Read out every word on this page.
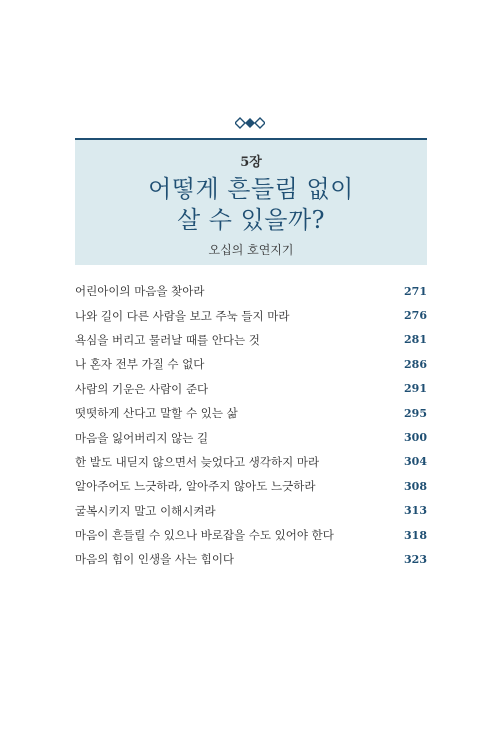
5장
어떻게 흔들림 없이
살 수 있을까?
오십의 호연지기
어린아이의 마음을 찾아라	271
나와 길이 다른 사람을 보고 주눅 들지 마라	276
욕심을 버리고 물러날 때를 안다는 것	281
나 혼자 전부 가질 수 없다	286
사람의 기운은 사람이 준다	291
떳떳하게 산다고 말할 수 있는 삶	295
마음을 잃어버리지 않는 길	300
한 발도 내딛지 않으면서 늦었다고 생각하지 마라	304
알아주어도 느긋하라, 알아주지 않아도 느긋하라	308
굴복시키지 말고 이해시켜라	313
마음이 흔들릴 수 있으나 바로잡을 수도 있어야 한다	318
마음의 힘이 인생을 사는 힘이다	323
